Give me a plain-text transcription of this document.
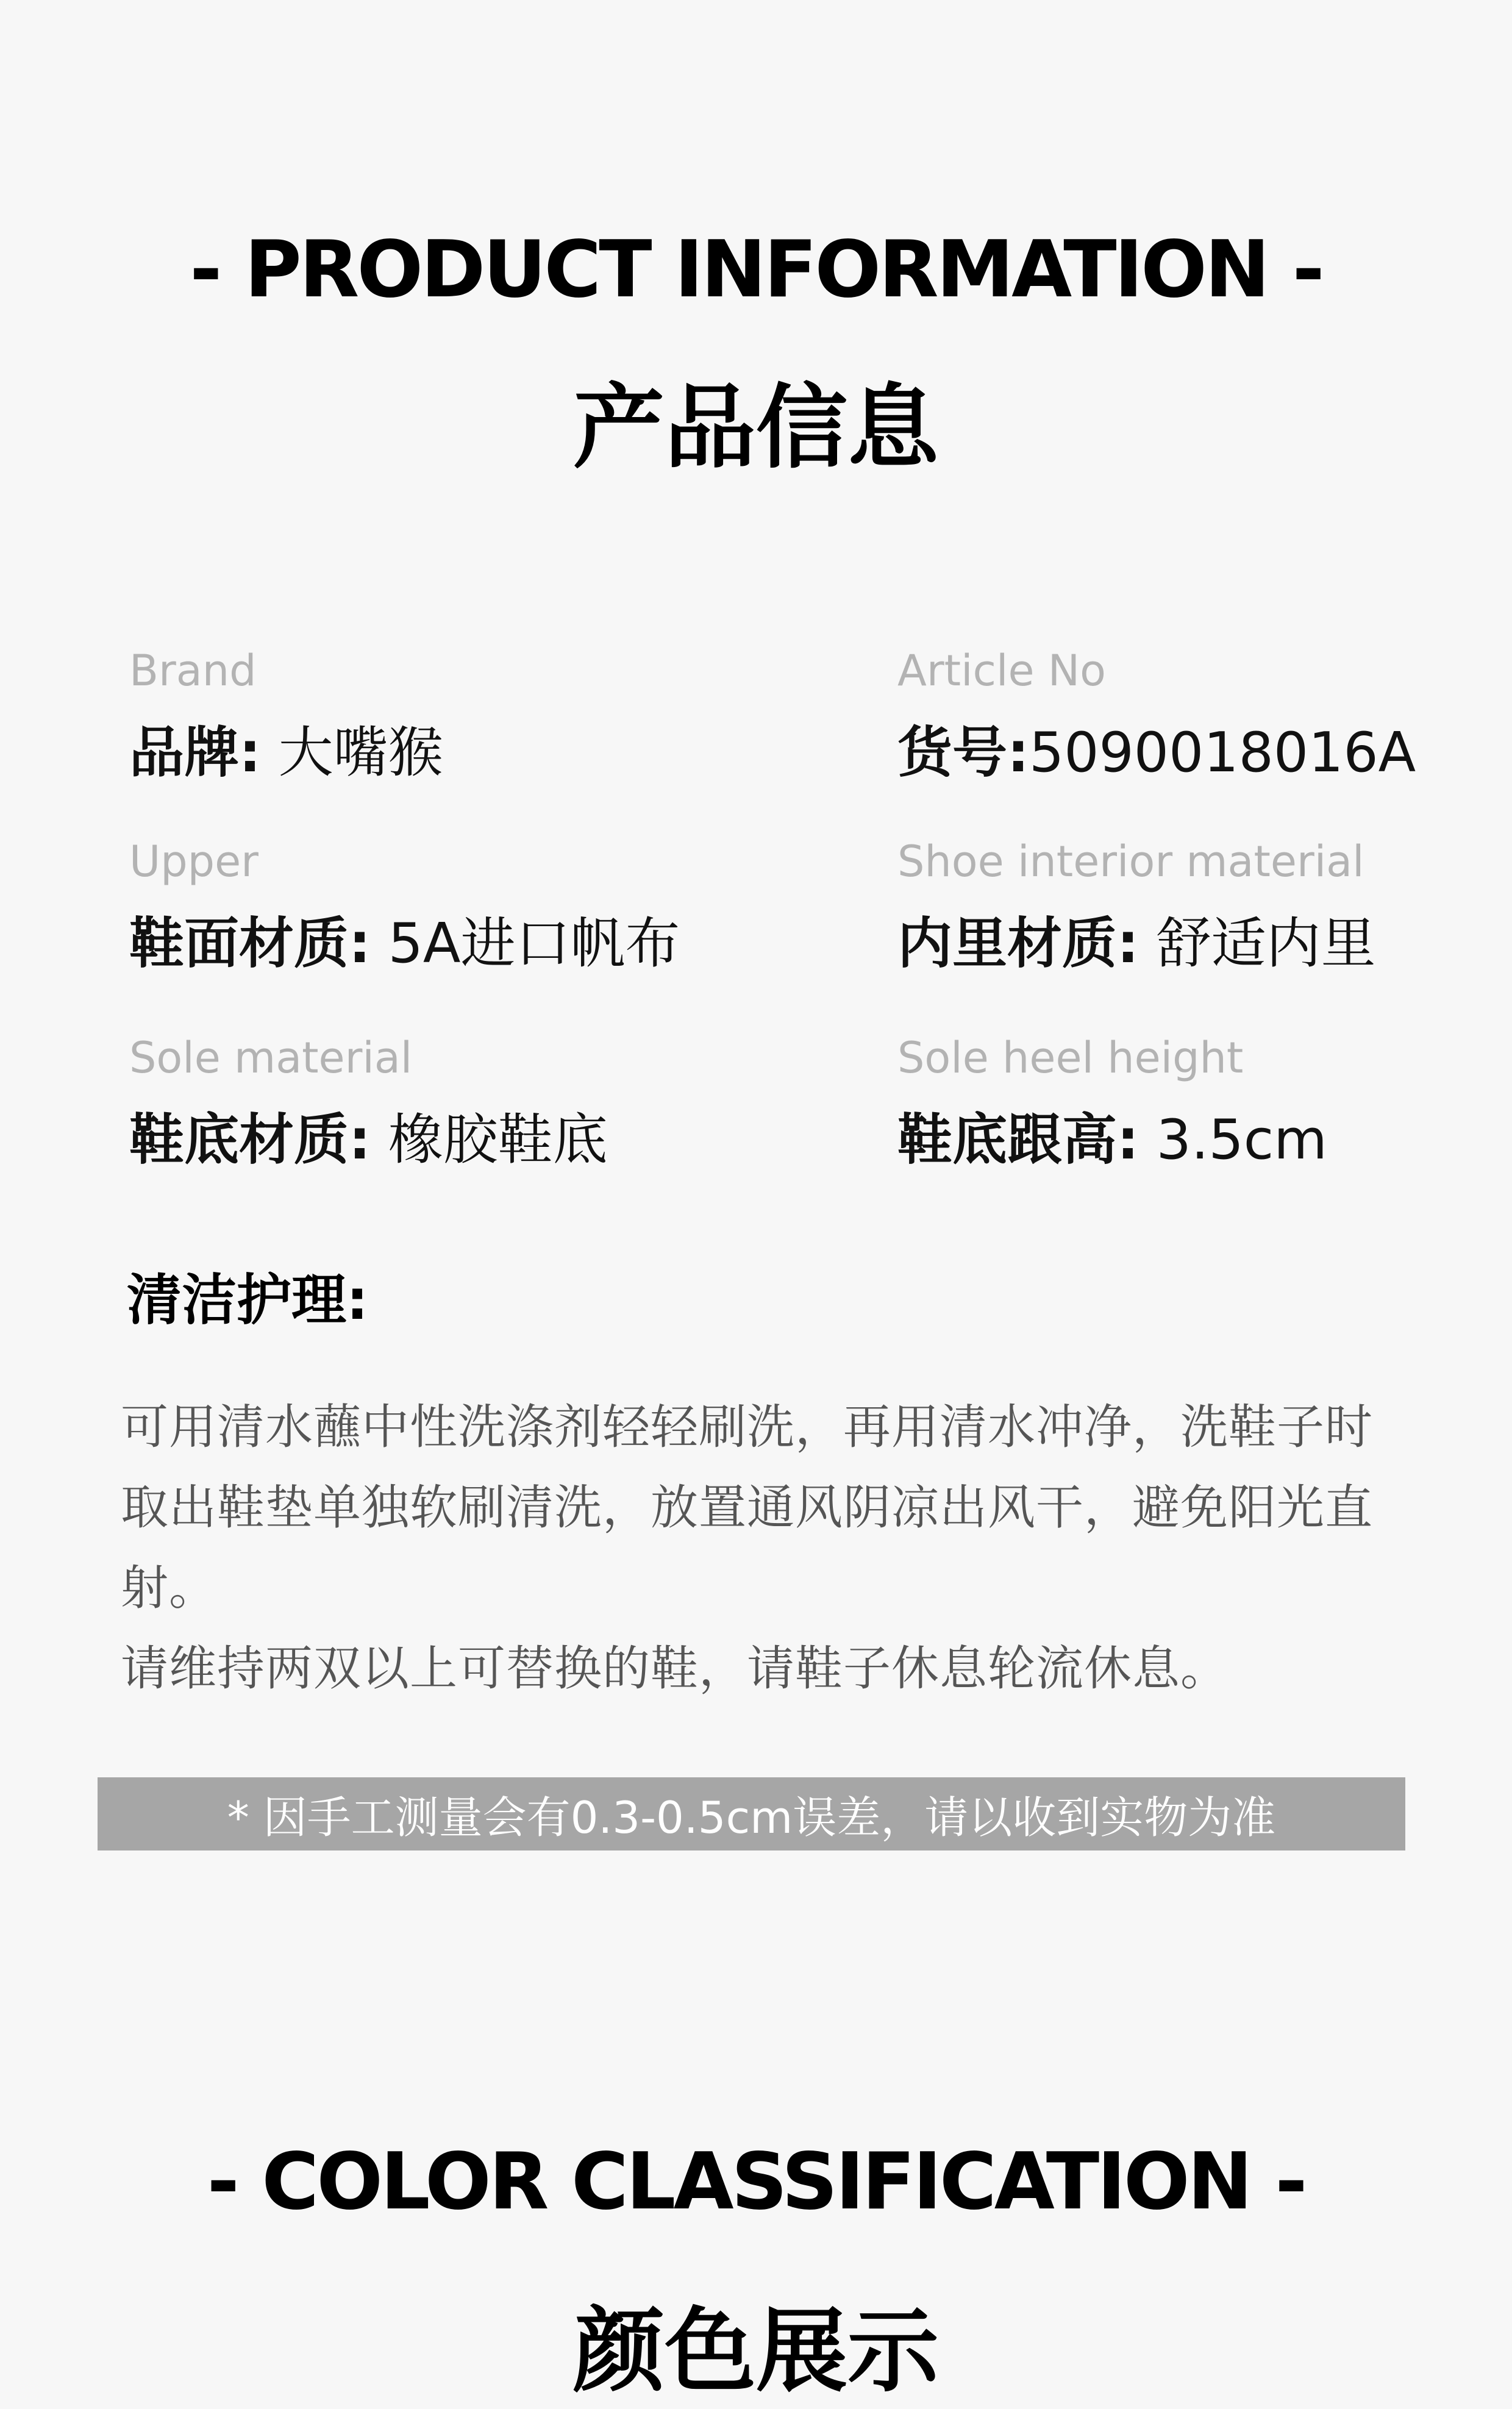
- PRODUCT INFORMATION -
产品信息
Brand
品牌: 大嘴猴
Article No
货号:5090018016A
Upper
鞋面材质: 5A进口帆布
Shoe interior material
内里材质: 舒适内里
Sole material
鞋底材质: 橡胶鞋底
Sole heel height
鞋底跟高: 3.5cm
清洁护理:

可用清水蘸中性洗涤剂轻轻刷洗，再用清水冲净，洗鞋子时取出鞋垫单独软刷清洗，放置通风阴凉出风干，避免阳光直射。

请维持两双以上可替换的鞋，请鞋子休息轮流休息。

* 因手工测量会有0.3-0.5cm误差，请以收到实物为准
- COLOR CLASSIFICATION -
颜色展示
